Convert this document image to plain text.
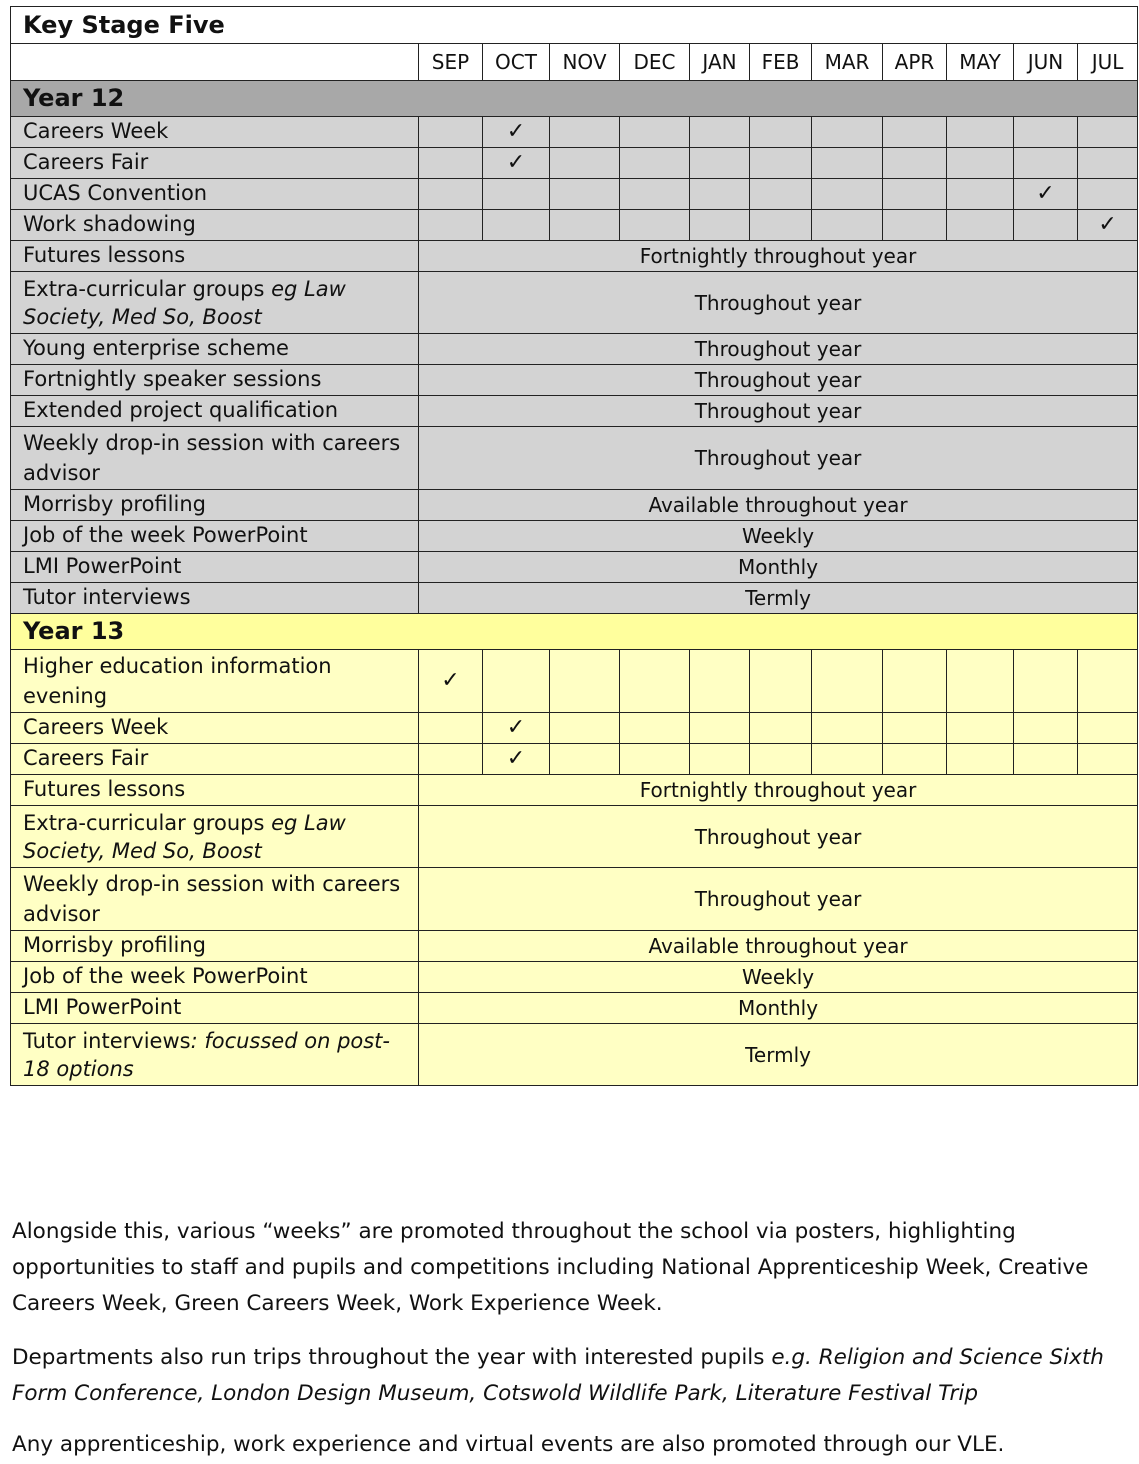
Key Stage Five											
	SEP	OCT	NOV	DEC	JAN	FEB	MAR	APR	MAY	JUN	JUL
Year 12											
Careers Week		✓									
Careers Fair		✓									
UCAS Convention										✓	
Work shadowing											✓
Futures lessons	Fortnightly throughout year										
Extra-curricular groups eg Law Society, Med So, Boost	Throughout year										
Young enterprise scheme	Throughout year										
Fortnightly speaker sessions	Throughout year										
Extended project qualification	Throughout year										
Weekly drop-in session with careers advisor	Throughout year										
Morrisby profiling	Available throughout year										
Job of the week PowerPoint	Weekly										
LMI PowerPoint	Monthly										
Tutor interviews	Termly										
Year 13											
Higher education information evening	✓										
Careers Week		✓									
Careers Fair		✓									
Futures lessons	Fortnightly throughout year										
Extra-curricular groups eg Law Society, Med So, Boost	Throughout year										
Weekly drop-in session with careers advisor	Throughout year										
Morrisby profiling	Available throughout year										
Job of the week PowerPoint	Weekly										
LMI PowerPoint	Monthly										
Tutor interviews: focussed on post-18 options	Termly										

Alongside this, various “weeks” are promoted throughout the school via posters, highlighting opportunities to staff and pupils and competitions including National Apprenticeship Week, Creative Careers Week, Green Careers Week, Work Experience Week.

Departments also run trips throughout the year with interested pupils e.g. Religion and Science Sixth Form Conference, London Design Museum, Cotswold Wildlife Park, Literature Festival Trip

Any apprenticeship, work experience and virtual events are also promoted through our VLE.
